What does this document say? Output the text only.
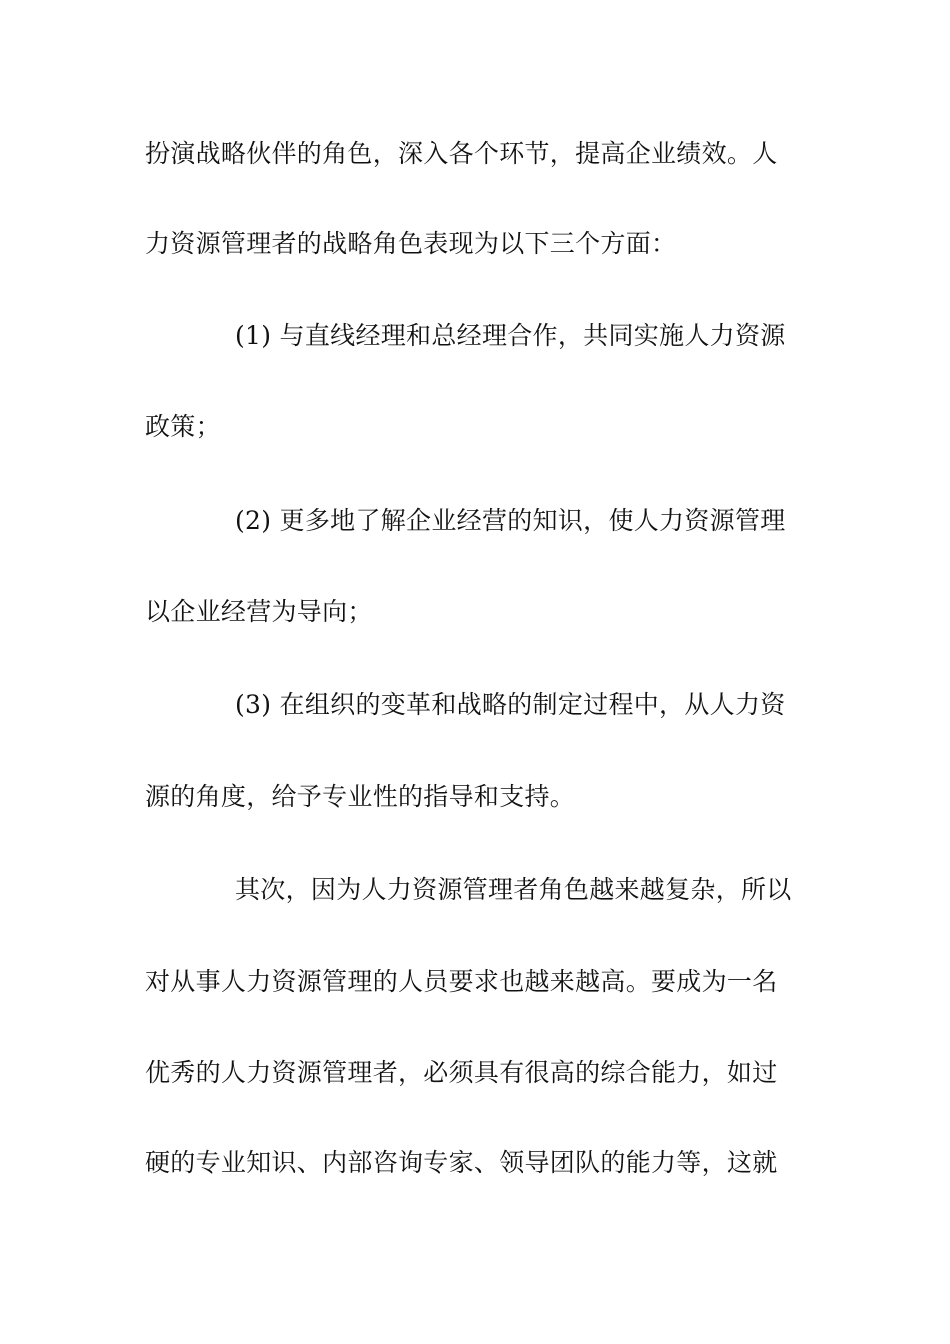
扮演战略伙伴的角色，深入各个环节，提高企业绩效。人
力资源管理者的战略角色表现为以下三个方面：
(1) 与直线经理和总经理合作，共同实施人力资源
政策；
(2) 更多地了解企业经营的知识，使人力资源管理
以企业经营为导向；
(3) 在组织的变革和战略的制定过程中，从人力资
源的角度，给予专业性的指导和支持。
其次，因为人力资源管理者角色越来越复杂，所以
对从事人力资源管理的人员要求也越来越高。要成为一名
优秀的人力资源管理者，必须具有很高的综合能力，如过
硬的专业知识、内部咨询专家、领导团队的能力等，这就
